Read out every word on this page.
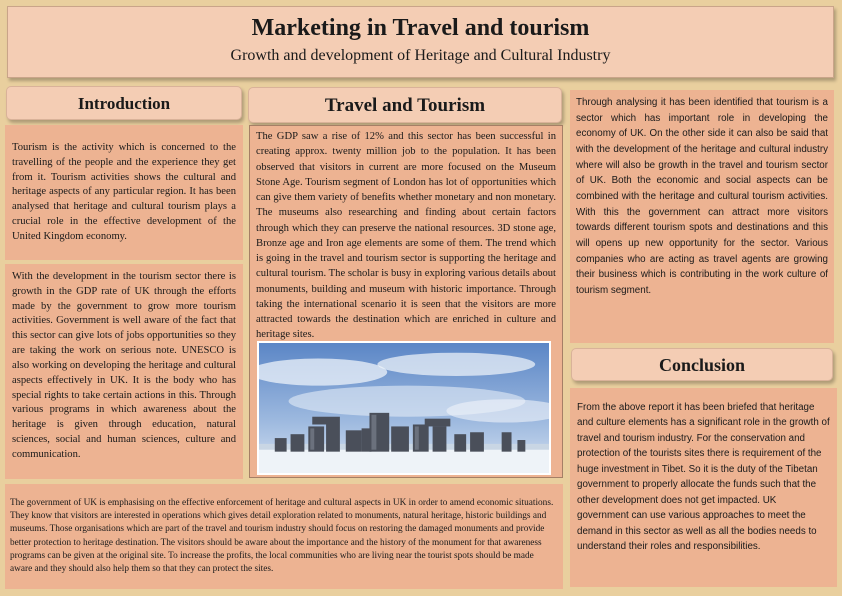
Marketing in Travel and tourism
Growth and development of Heritage and Cultural Industry
Introduction

Tourism is the activity which is concerned to the travelling of the people and the experience they get from it. Tourism activities shows the cultural and heritage aspects of any particular region. It has been analysed that heritage and cultural tourism plays a crucial role in the effective development of the United Kingdom economy.

With the development in the tourism sector there is growth in the GDP rate of UK through the efforts made by the government to grow more tourism activities. Government is well aware of the fact that this sector can give lots of jobs opportunities so they are taking the work on serious note. UNESCO is also working on developing the heritage and cultural aspects effectively in UK. It is the body who has special rights to take certain actions in this. Through various programs in which awareness about the heritage is given through education, natural sciences, social and human sciences, culture and communication.

Travel and Tourism

The GDP saw a rise of 12% and this sector has been successful in creating approx. twenty million job to the population. It has been observed that visitors in current are more focused on the Museum Stone Age. Tourism segment of London has lot of opportunities which can give them variety of benefits whether monetary and non monetary. The museums also researching and finding about certain factors through which they can preserve the national resources. 3D stone age, Bronze age and Iron age elements are some of them. The trend which is going in the travel and tourism sector is supporting the heritage and cultural tourism. The scholar is busy in exploring various details about monuments, building and museum with historic importance. Through taking the international scenario it is seen that the visitors are more attracted towards the destination which are enriched in culture and heritage sites.

The government of UK is emphasising on the effective enforcement of heritage and cultural aspects in UK in order to amend economic situations. They know that visitors are interested in operations which gives detail exploration related to monuments, natural heritage, historic buildings and museums. Those organisations which are part of the travel and tourism industry should focus on restoring the damaged monuments and provide better protection to heritage destination. The visitors should be aware about the importance and the history of the monument for that awareness programs can be given at the original site. To increase the profits, the local communities who are living near the tourist spots should be made aware and they should also help them so that they can protect the sites.

Through analysing it has been identified that tourism is a sector which has important role in developing the economy of UK. On the other side it can also be said that with the development of the heritage and cultural industry where will also be growth in the travel and tourism sector of UK. Both the economic and social aspects can be combined with the heritage and cultural tourism activities. With this the government can attract more visitors towards different tourism spots and destinations and this will opens up new opportunity for the sector. Various companies who are acting as travel agents are growing their business which is contributing in the work culture of tourism segment.

Conclusion

From the above report it has been briefed that heritage and culture elements has a significant role in the growth of travel and tourism industry. For the conservation and protection of the tourists sites there is requirement of the huge investment in Tibet. So it is the duty of the Tibetan government to properly allocate the funds such that the other development does not get impacted. UK government can use various approaches to meet the demand in this sector as well as all the bodies needs to understand their roles and responsibilities.
